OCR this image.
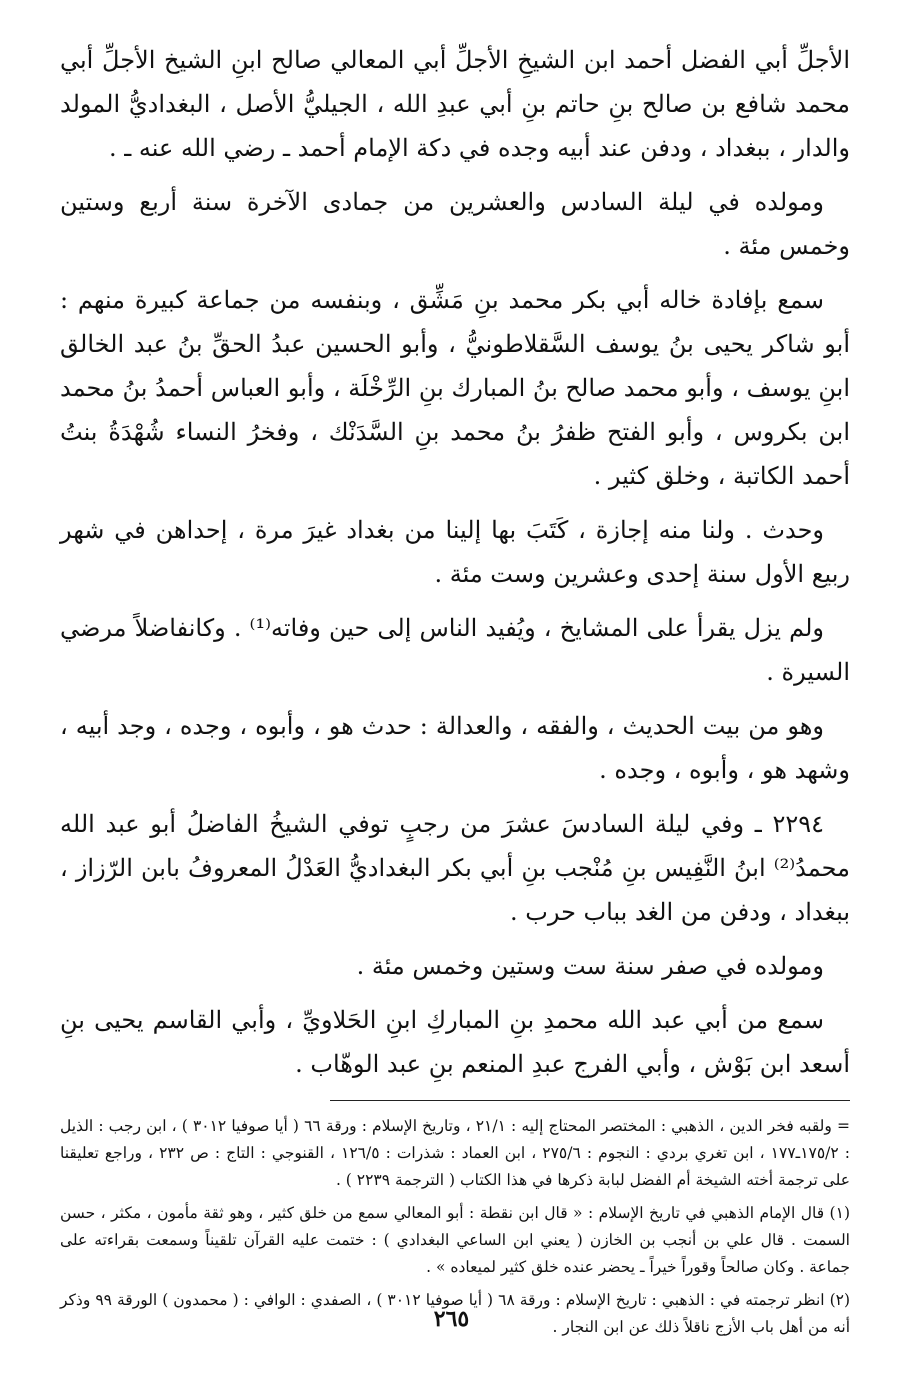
الأجلِّ أبي الفضل أحمد ابن الشيخِ الأجلِّ أبي المعالي صالح ابنِ الشيخ الأجلِّ أبي محمد شافع بن صالح بنِ حاتم بنِ أبي عبدِ الله ، الجيليُّ الأصل ، البغداديُّ المولد والدار ، ببغداد ، ودفن عند أبيه وجده في دكة الإمام أحمد ـ رضي الله عنه ـ .

ومولده في ليلة السادس والعشرين من جمادى الآخرة سنة أربع وستين وخمس مئة .

سمع بإفادة خاله أبي بكر محمد بنِ مَشِّق ، وبنفسه من جماعة كبيرة منهم : أبو شاكر يحيى بنُ يوسف السَّقلاطونيُّ ، وأبو الحسين عبدُ الحقِّ بنُ عبد الخالق ابنِ يوسف ، وأبو محمد صالح بنُ المبارك بنِ الرِّخْلَة ، وأبو العباس أحمدُ بنُ محمد ابن بكروس ، وأبو الفتح ظفرُ بنُ محمد بنِ السَّدَنْك ، وفخرُ النساء شُهْدَةُ بنتُ أحمد الكاتبة ، وخلق كثير .

وحدث . ولنا منه إجازة ، كَتَبَ بها إلينا من بغداد غيرَ مرة ، إحداهن في شهر ربيع الأول سنة إحدى وعشرين وست مئة .

ولم يزل يقرأ على المشايخ ، ويُفيد الناس إلى حين وفاته⁽¹⁾ . وكانفاضلاً مرضي السيرة .

وهو من بيت الحديث ، والفقه ، والعدالة : حدث هو ، وأبوه ، وجده ، وجد أبيه ، وشهد هو ، وأبوه ، وجده .

٢٢٩٤ ـ وفي ليلة السادسَ عشرَ من رجبٍ توفي الشيخُ الفاضلُ أبو عبد الله محمدُ⁽²⁾ ابنُ النَّفِيس بنِ مُنْجب بنِ أبي بكر البغداديُّ العَدْلُ المعروفُ بابن الرّزاز ، ببغداد ، ودفن من الغد بباب حرب .

ومولده في صفر سنة ست وستين وخمس مئة .

سمع من أبي عبد الله محمدِ بنِ المباركِ ابنِ الحَلاويِّ ، وأبي القاسم يحيى بنِ أسعد ابن بَوْش ، وأبي الفرج عبدِ المنعم بنِ عبد الوهّاب .

= ولقبه فخر الدين ، الذهبي : المختصر المحتاج إليه : ٢١/١ ، وتاريخ الإسلام : ورقة ٦٦ ( أيا صوفيا ٣٠١٢ ) ، ابن رجب : الذيل : ١٧٥/٢ـ١٧٧ ، ابن تغري بردي : النجوم : ٢٧٥/٦ ، ابن العماد : شذرات : ١٢٦/٥ ، القنوجي : التاج : ص ٢٣٢ ، وراجع تعليقنا على ترجمة أخته الشيخة أم الفضل لبابة ذكرها في هذا الكتاب ( الترجمة ٢٢٣٩ ) .

(١) قال الإمام الذهبي في تاريخ الإسلام : « قال ابن نقطة : أبو المعالي سمع من خلق كثير ، وهو ثقة مأمون ، مكثر ، حسن السمت . قال علي بن أنجب بن الخازن ( يعني ابن الساعي البغدادي ) : ختمت عليه القرآن تلقيناً وسمعت بقراءته على جماعة . وكان صالحاً وقوراً خيراً ـ يحضر عنده خلق كثير لميعاده » .

(٢) انظر ترجمته في : الذهبي : تاريخ الإسلام : ورقة ٦٨ ( أيا صوفيا ٣٠١٢ ) ، الصفدي : الوافي : ( محمدون ) الورقة ٩٩ وذكر أنه من أهل باب الأزج ناقلاً ذلك عن ابن النجار .

٢٦٥
